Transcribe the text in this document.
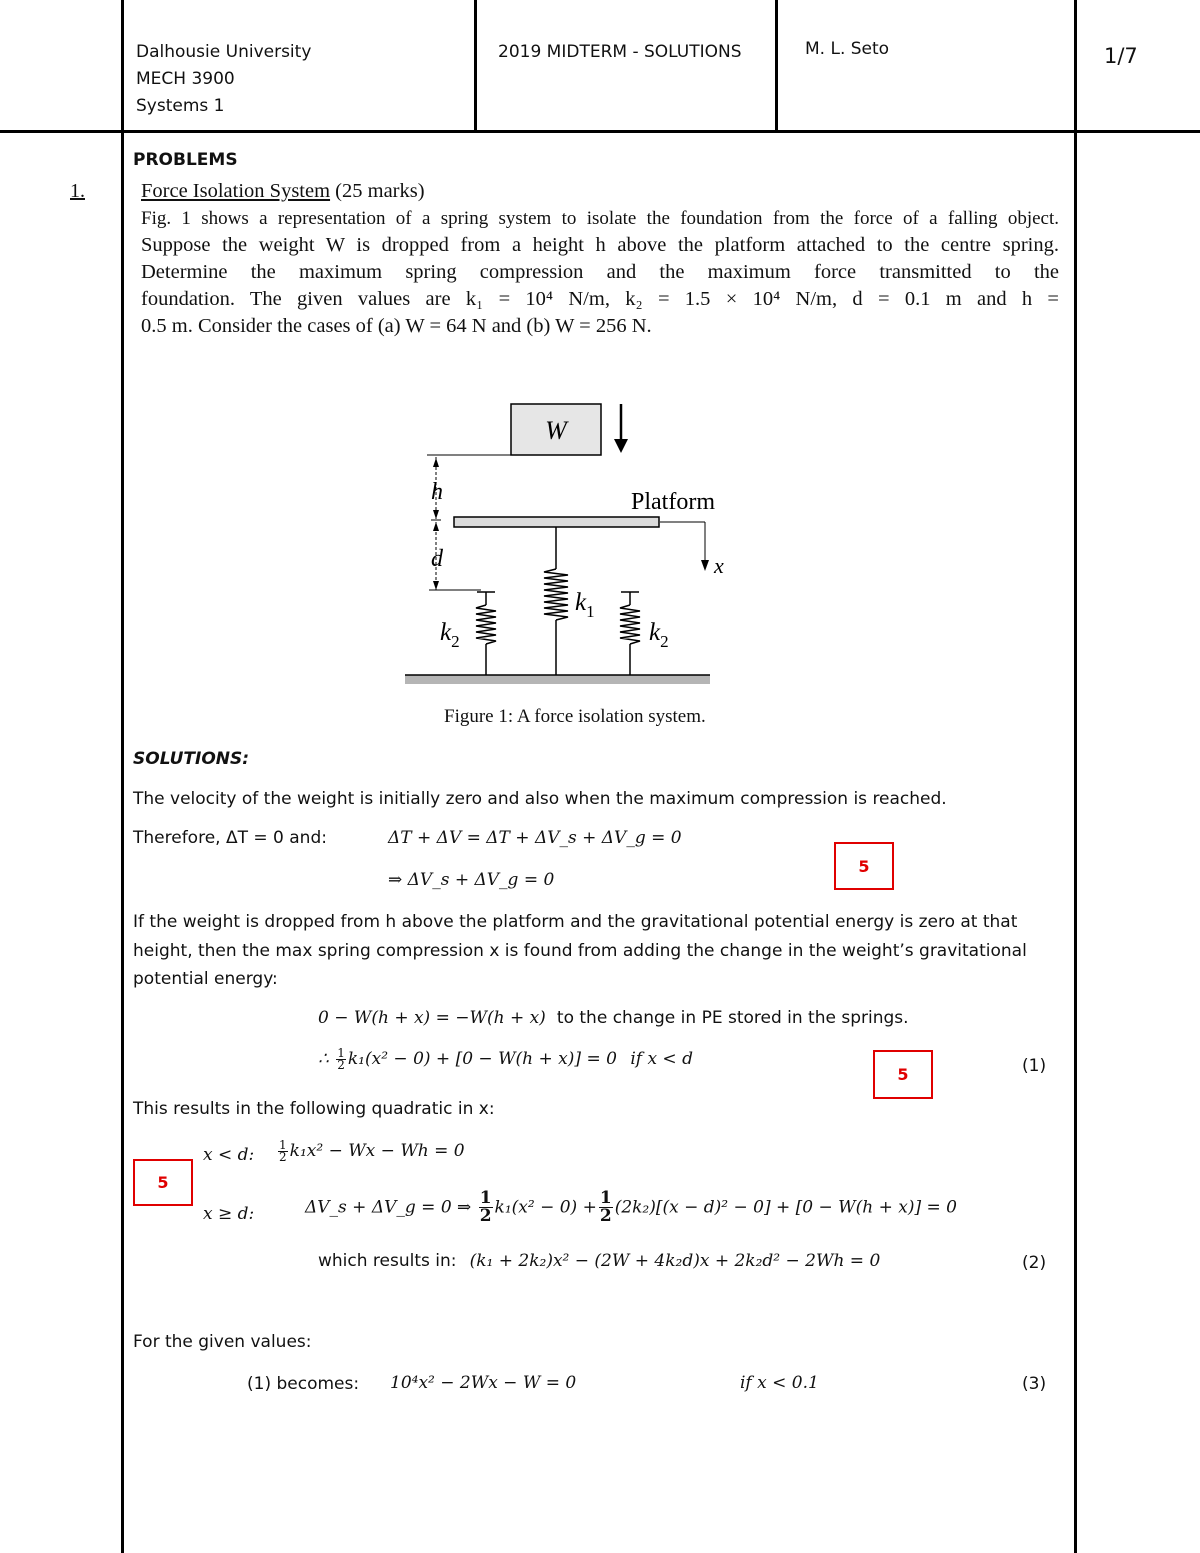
Dalhousie University
MECH 3900
Systems 1
2019 MIDTERM - SOLUTIONS	M. L. Seto	1/7
PROBLEMS
1.	Force Isolation System (25 marks)
Fig. 1 shows a representation of a spring system to isolate the foundation from the force of a falling object.
Suppose the weight W is dropped from a height h above the platform attached to the centre spring.
Determine the maximum spring compression and the maximum force transmitted to the
foundation. The given values are k₁ = 10⁴ N/m, k₂ = 1.5 × 10⁴ N/m, d = 0.1 m and h =
0.5 m. Consider the cases of (a) W = 64 N and (b) W = 256 N.
W
h
d
Platform
x
$k_1$
$k_2$	$k_2$
Figure 1: A force isolation system.
SOLUTIONS:
The velocity of the weight is initially zero and also when the maximum compression is reached.
Therefore, ΔT = 0 and:	ΔT + ΔV = ΔT + ΔV_s + ΔV_g = 0
⇒ ΔV_s + ΔV_g = 0
5
If the weight is dropped from h above the platform and the gravitational potential energy is zero at that height, then the max spring compression x is found from adding the change in the weight’s gravitational potential energy:
0 − W(h + x) = −W(h + x) to the change in PE stored in the springs.
∴ $\frac{1}{2} k_1(x^2 - 0) + [0 - W(h + x)] = 0$ if x < d
5	(1)
This results in the following quadratic in x:
x < d: $\frac{1}{2} k_1x^2 - Wx - Wh = 0$
5
x ≥ d:	ΔV_s + ΔV_g = 0 ⇒ $\frac{1}{2} k_1(x^2 - 0) + \frac{1}{2} (2k_2)[(x - d)^2 - 0] + [0 - W(h + x)] = 0$
which results in: (k₁ + 2k₂)x² − (2W + 4k₂d)x + 2k₂d² − 2Wh = 0	(2)
For the given values:
(1) becomes: 10⁴x² − 2Wx − W = 0	if x < 0.1	(3)
